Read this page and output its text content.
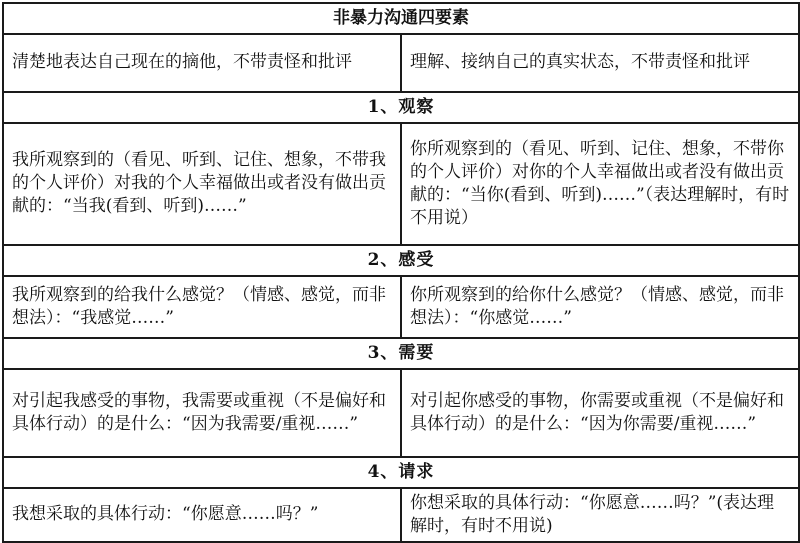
非暴力沟通四要素	
清楚地表达自己现在的摘他，不带责怪和批评	理解、接纳自己的真实状态，不带责怪和批评
1、观察	
我所观察到的（看见、听到、记住、想象，不带我的个人评价）对我的个人幸福做出或者没有做出贡献的：“当我(看到、听到)……”	你所观察到的（看见、听到、记住、想象，不带你的个人评价）对你的个人幸福做出或者没有做出贡献的：“当你(看到、听到)……”（表达理解时，有时不用说）
2、感受	
我所观察到的给我什么感觉？（情感、感觉，而非想法）：“我感觉……”	你所观察到的给你什么感觉？（情感、感觉，而非想法）：“你感觉……”
3、需要	
对引起我感受的事物，我需要或重视（不是偏好和具体行动）的是什么：“因为我需要/重视……”	对引起你感受的事物，你需要或重视（不是偏好和具体行动）的是什么：“因为你需要/重视……”
4、请求	
我想采取的具体行动：“你愿意……吗？”	你想采取的具体行动：“你愿意……吗？”(表达理解时，有时不用说)
